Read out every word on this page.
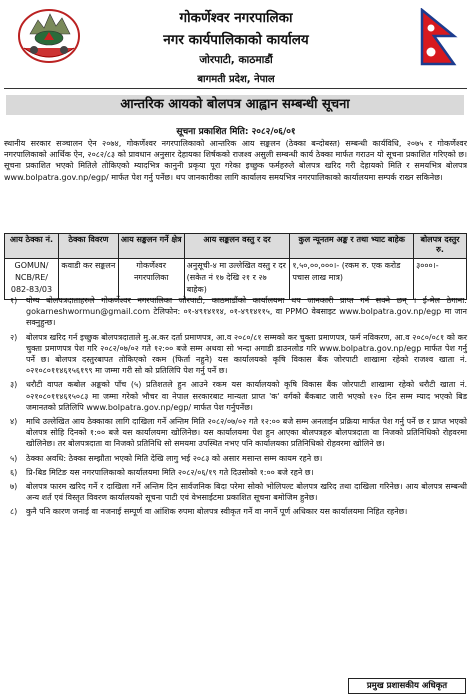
गोकर्णेश्वर नगरपालिका
नगर कार्यपालिकाको कार्यालय
जोरपाटी, काठमाडौं
बागमती प्रदेश, नेपाल
आन्तरिक आयको बोलपत्र आह्वान सम्बन्धी सूचना
सूचना प्रकाशित मिति: २०८२/०६/०१
स्थानीय सरकार सञ्चालन ऐन २०७४, गोकर्णेश्वर नगरपालिकाको आन्तरिक आय सङ्कलन (ठेक्का बन्दोबस्त) सम्बन्धी कार्यविधि, २०७५ र गोकर्णेश्वर नगरपालिकाको आर्थिक ऐन, २०८२/८३ को प्रावधान अनुसार देहायका शिर्षकको राजश्व असुली सम्बन्धी कार्य ठेक्का मार्फत गराउन यो सूचना प्रकाशित गरिएको छ। सूचना प्रकाशित भएको मितिले तोकिएको म्यादभित्र कानुनी प्रकृया पूरा गरेका इच्छुक फर्महरुले बोलपत्र खरिद गरी देहायको मिति र समयभित्र बोलपत्र www.bolpatra.gov.np/egp/ मार्फत पेश गर्नु पर्नेछ। थप जानकारीका लागि कार्यालय समयभित्र नगरपालिकाको कार्यालयमा सम्पर्क राख्न सकिनेछ।
आय ठेक्का नं.	ठेक्का विवरण	आय सङ्कलन गर्ने क्षेत्र	आय सङ्कलन वस्तु र दर	कुल न्यूनतम अङ्क र तथा भ्याट बाहेक	बोलपत्र दस्तुर रु.
GOMUN/ NCB/RE/ 082-83/03	कवाडी कर सङ्कलन	गोकर्णेश्वर नगरपालिका	अनुसूची-४ मा उल्लेखित वस्तु र दर (सकेत नं १७ देखि २१ र २७ बाहेक)	१,५०,००,०००।- (रकम रु. एक करोड पचास लाख मात्र)	३०००।-
१) योग्य बोलपत्रदाताहरुले गोकर्णेश्वर नगरपालिका जोरपाटी, काठमाडौंको कार्यालयमा थप जानकारी प्राप्त गर्न सक्ने छन् । ई-मेल ठेगाना: gokarneshwormun@gmail.com टेलिफोन: ०१-४९१४११४, ०१-४९१४११५, वा PPMO वेबसाइट www.bolpatra.gov.np/egp मा जान सक्नुहुन्छ।
२) बोलपत्र खरिद गर्न इच्छुक बोलपत्रदाताले मु.अ.कर दर्ता प्रमाणपत्र, आ.व २०८०/८१ सम्मको कर चुक्ता प्रमाणपत्र, फर्म नविकरण, आ.व २०८०/०८१ को कर चुक्ता प्रमाणपत्र पेश गरि २०८२/०७/०२ गते १२:०० बजे सम्म अथवा सो भन्दा अगाडी डाउनलोड गरि www.bolpatra.gov.np/egp मार्फत पेश गर्नु पर्ने छ। बोलपत्र दस्तुरबापत तोकिएको रकम (फिर्ता नहुने) यस कार्यालयको कृषि विकास बैंक जोरपाटी शाखामा रहेको राजश्व खाता नं. ०२१०८०११४६१५६१९९ मा जम्मा गरी सो को प्रतिलिपि पेश गर्नु पर्ने छ।
३) धरौटी वापत कबोल अङ्कको पाँच (५) प्रतिशतले हुन आउने रकम यस कार्यालयको कृषि विकास बैंक जोरपाटी शाखामा रहेको धरौटी खाता नं. ०२१०८०११४६१५०८३ मा जम्मा गरेको भौचर वा नेपाल सरकारबाट मान्यता प्राप्त 'क' वर्गको बैंकबाट जारी भएको १२० दिन सम्म म्याद भएको बिड जमानतको प्रतिलिपि www.bolpatra.gov.np/egp/ मार्फत पेश गर्नुपर्नेछ।
४) माथि उल्लेखित आय ठेक्काका लागि दाखिला गर्ने अन्तिम मिति २०८२/०७/०२ गते १२:०० बजे सम्म अनलाईन प्रक्रिया मार्फत पेश गर्नु पर्ने छ र प्राप्त भएको बोलपत्र सोहि दिनको १:०० बजे यस कार्यालयमा खोलिनेछ। यस कार्यालयमा पेश हुन आएका बोलपत्रहरु बोलपत्रदाता वा निजको प्रतिनिधिको रोहवरमा खोलिनेछ। तर बोलपत्रदाता वा निजको प्रतिनिधि सो समयमा उपस्थित नभए पनि कार्यालयका प्रतिनिधिको रोहवरमा खोलिने छ।
५) ठेक्का अवधि: ठेक्का सम्झौता भएको मिति देखि लागु भई २०८३ को असार मसान्त सम्म कायम रहने छ।
६) प्रि-बिड मिटिङ यस नगरपालिकाको कार्यालयमा मिति २०८२/०६/१९ गते दिउसोको १:०० बजे रहने छ।
७) बोलपत्र फारम खरिद गर्ने र दाखिला गर्ने अन्तिम दिन सार्वजनिक बिदा परेमा सोको भोलिपल्ट बोलपत्र खरिद तथा दाखिला गरिनेछ। आय बोलपत्र सम्बन्धी अन्य शर्त एवं विस्तृत विवरण कार्यालयको सूचना पाटी एवं वेभसाईटमा प्रकाशित सूचना बमोजिम हुनेछ।
८) कुनै पनि कारण जनाई वा नजनाई सम्पूर्ण वा आंशिक रुपमा बोलपत्र स्वीकृत गर्ने वा नगर्ने पूर्ण अधिकार यस कार्यालयमा निहित रहनेछ।
प्रमुख प्रशासकीय अधिकृत
